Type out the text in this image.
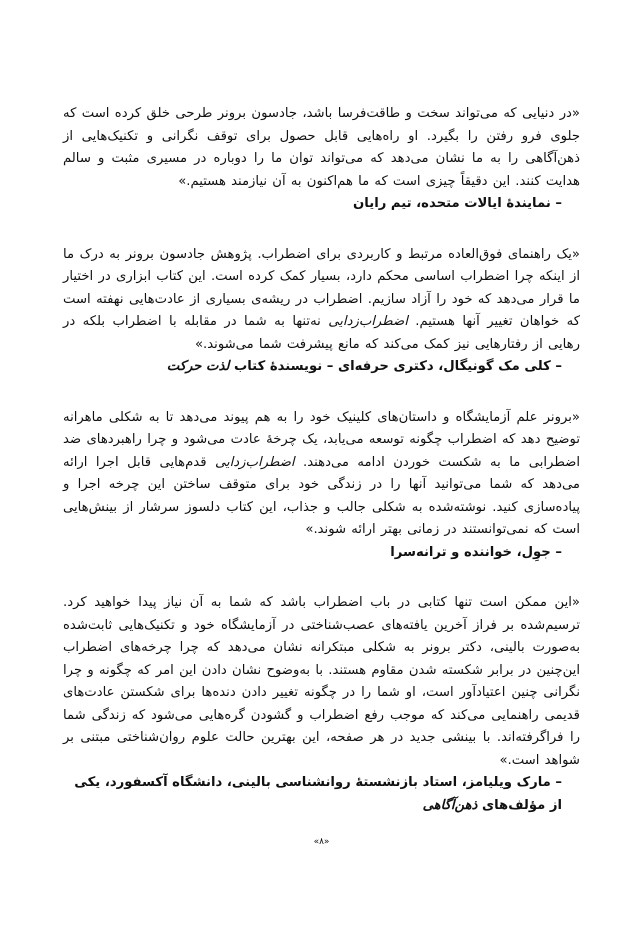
«در دنیایی که می‌تواند سخت و طاقت‌فرسا باشد، جادسون برونر طرحی خلق کرده است که جلوی فرو رفتن را بگیرد. او راه‌هایی قابل حصول برای توقف نگرانی و تکنیک‌هایی از ذهن‌آگاهی را به ما نشان می‌دهد که می‌تواند توان ما را دوباره در مسیری مثبت و سالم هدایت کنند. این دقیقاً چیزی است که ما هم‌اکنون به آن نیازمند هستیم.»

– نمایندهٔ ایالات متحده، تیم رایان

«یک راهنمای فوق‌العاده مرتبط و کاربردی برای اضطراب. پژوهش جادسون برونر به درک ما از اینکه چرا اضطراب اساسی محکم دارد، بسیار کمک کرده است. این کتاب ابزاری در اختیار ما قرار می‌دهد که خود را آزاد سازیم. اضطراب در ریشه‌ی بسیاری از عادت‌هایی نهفته است که خواهان تغییر آنها هستیم. اضطراب‌زدایی نه‌تنها به شما در مقابله با اضطراب بلکه در رهایی از رفتارهایی نیز کمک می‌کند که مانع پیشرفت شما می‌شوند.»

– کلی مک گونیگال، دکتری حرفه‌ای – نویسندهٔ کتاب لذت حرکت

«برونر علم آزمایشگاه و داستان‌های کلینیک خود را به هم پیوند می‌دهد تا به شکلی ماهرانه توضیح دهد که اضطراب چگونه توسعه می‌یابد، یک چرخهٔ عادت می‌شود و چرا راهبردهای ضد اضطرابی ما به شکست خوردن ادامه می‌دهند. اضطراب‌زدایی قدم‌هایی قابل اجرا ارائه می‌دهد که شما می‌توانید آنها را در زندگی خود برای متوقف ساختن این چرخه اجرا و پیاده‌سازی کنید. نوشته‌شده به شکلی جالب و جذاب، این کتاب دلسوز سرشار از بینش‌هایی است که نمی‌توانستند در زمانی بهتر ارائه شوند.»

– جوِل، خواننده و ترانه‌سرا

«این ممکن است تنها کتابی در باب اضطراب باشد که شما به آن نیاز پیدا خواهید کرد. ترسیم‌شده بر فراز آخرین یافته‌های عصب‌شناختی در آزمایشگاه خود و تکنیک‌هایی ثابت‌شده به‌صورت بالینی، دکتر برونر به شکلی مبتکرانه نشان می‌دهد که چرا چرخه‌های اضطراب این‌چنین در برابر شکسته شدن مقاوم هستند. با به‌وضوح نشان دادن این امر که چگونه و چرا نگرانی چنین اعتیادآور است، او شما را در چگونه تغییر دادن دنده‌ها برای شکستن عادت‌های قدیمی راهنمایی می‌کند که موجب رفع اضطراب و گشودن گره‌هایی می‌شود که زندگی شما را فراگرفته‌اند. با بینشی جدید در هر صفحه، این بهترین حالت علوم روان‌شناختی مبتنی بر شواهد است.»

– مارک ویلیامز، استاد بازنشستهٔ روانشناسی بالینی، دانشگاه آکسفورد، یکی از مؤلف‌های ذهن‌آگاهی

«۸»
